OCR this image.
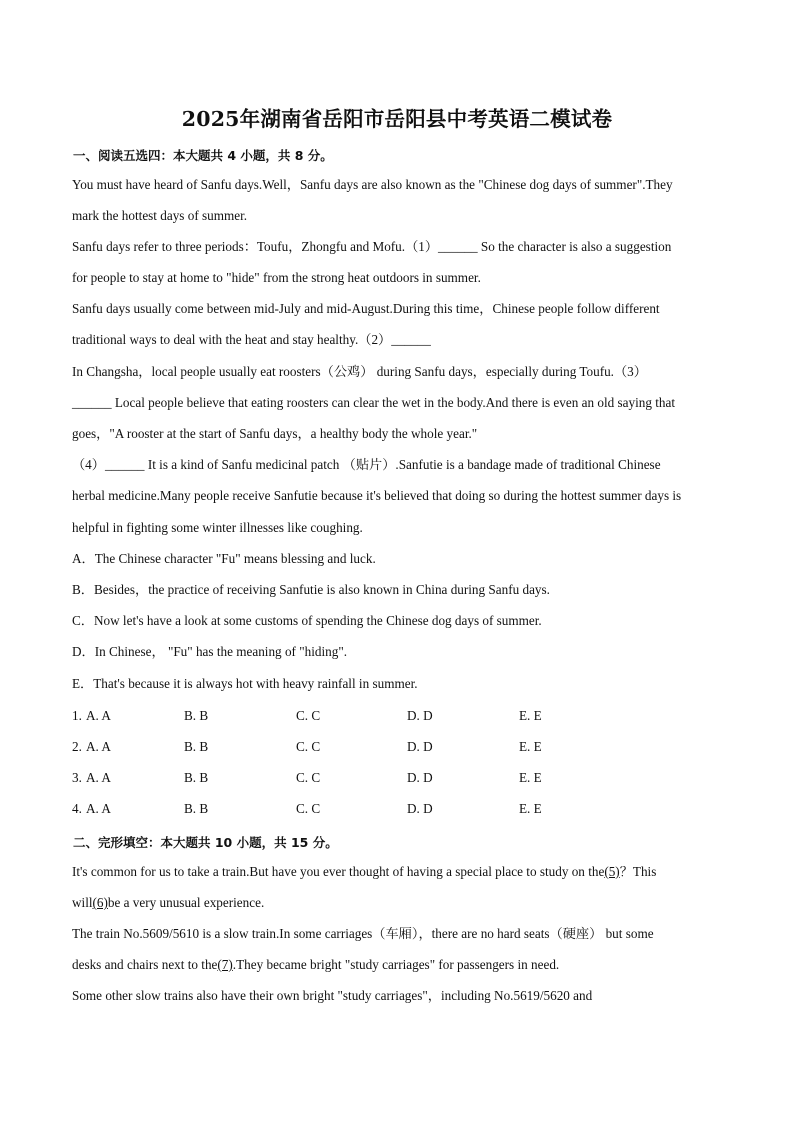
2025年湖南省岳阳市岳阳县中考英语二模试卷
一、阅读五选四：本大题共 4 小题，共 8 分。
You must have heard of Sanfu days.Well，Sanfu days are also known as the "Chinese dog days of summer".They
mark the hottest days of summer.
Sanfu days refer to three periods：Toufu，Zhongfu and Mofu.（1）______ So the character is also a suggestion
for people to stay at home to "hide" from the strong heat outdoors in summer.
Sanfu days usually come between mid-July and mid-August.During this time，Chinese people follow different
traditional ways to deal with the heat and stay healthy.（2）______
In Changsha，local people usually eat roosters（公鸡） during Sanfu days，especially during Toufu.（3）
______ Local people believe that eating roosters can clear the wet in the body.And there is even an old saying that
goes，"A rooster at the start of Sanfu days，a healthy body the whole year."
（4）______ It is a kind of Sanfu medicinal patch （贴片）.Sanfutie is a bandage made of traditional Chinese
herbal medicine.Many people receive Sanfutie because it's believed that doing so during the hottest summer days is
helpful in fighting some winter illnesses like coughing.
A．The Chinese character "Fu" means blessing and luck.
B．Besides，the practice of receiving Sanfutie is also known in China during Sanfu days.
C．Now let's have a look at some customs of spending the Chinese dog days of summer.
D．In Chinese， "Fu" has the meaning of "hiding".
E．That's because it is always hot with heavy rainfall in summer.
1. A. A	B. B	C. C	D. D	E. E
2. A. A	B. B	C. C	D. D	E. E
3. A. A	B. B	C. C	D. D	E. E
4. A. A	B. B	C. C	D. D	E. E
二、完形填空：本大题共 10 小题，共 15 分。
It's common for us to take a train.But have you ever thought of having a special place to study on the(5)？This
will(6)be a very unusual experience.
The train No.5609/5610 is a slow train.In some carriages（车厢），there are no hard seats（硬座） but some
desks and chairs next to the(7).They became bright "study carriages" for passengers in need.
Some other slow trains also have their own bright "study carriages"，including No.5619/5620 and
